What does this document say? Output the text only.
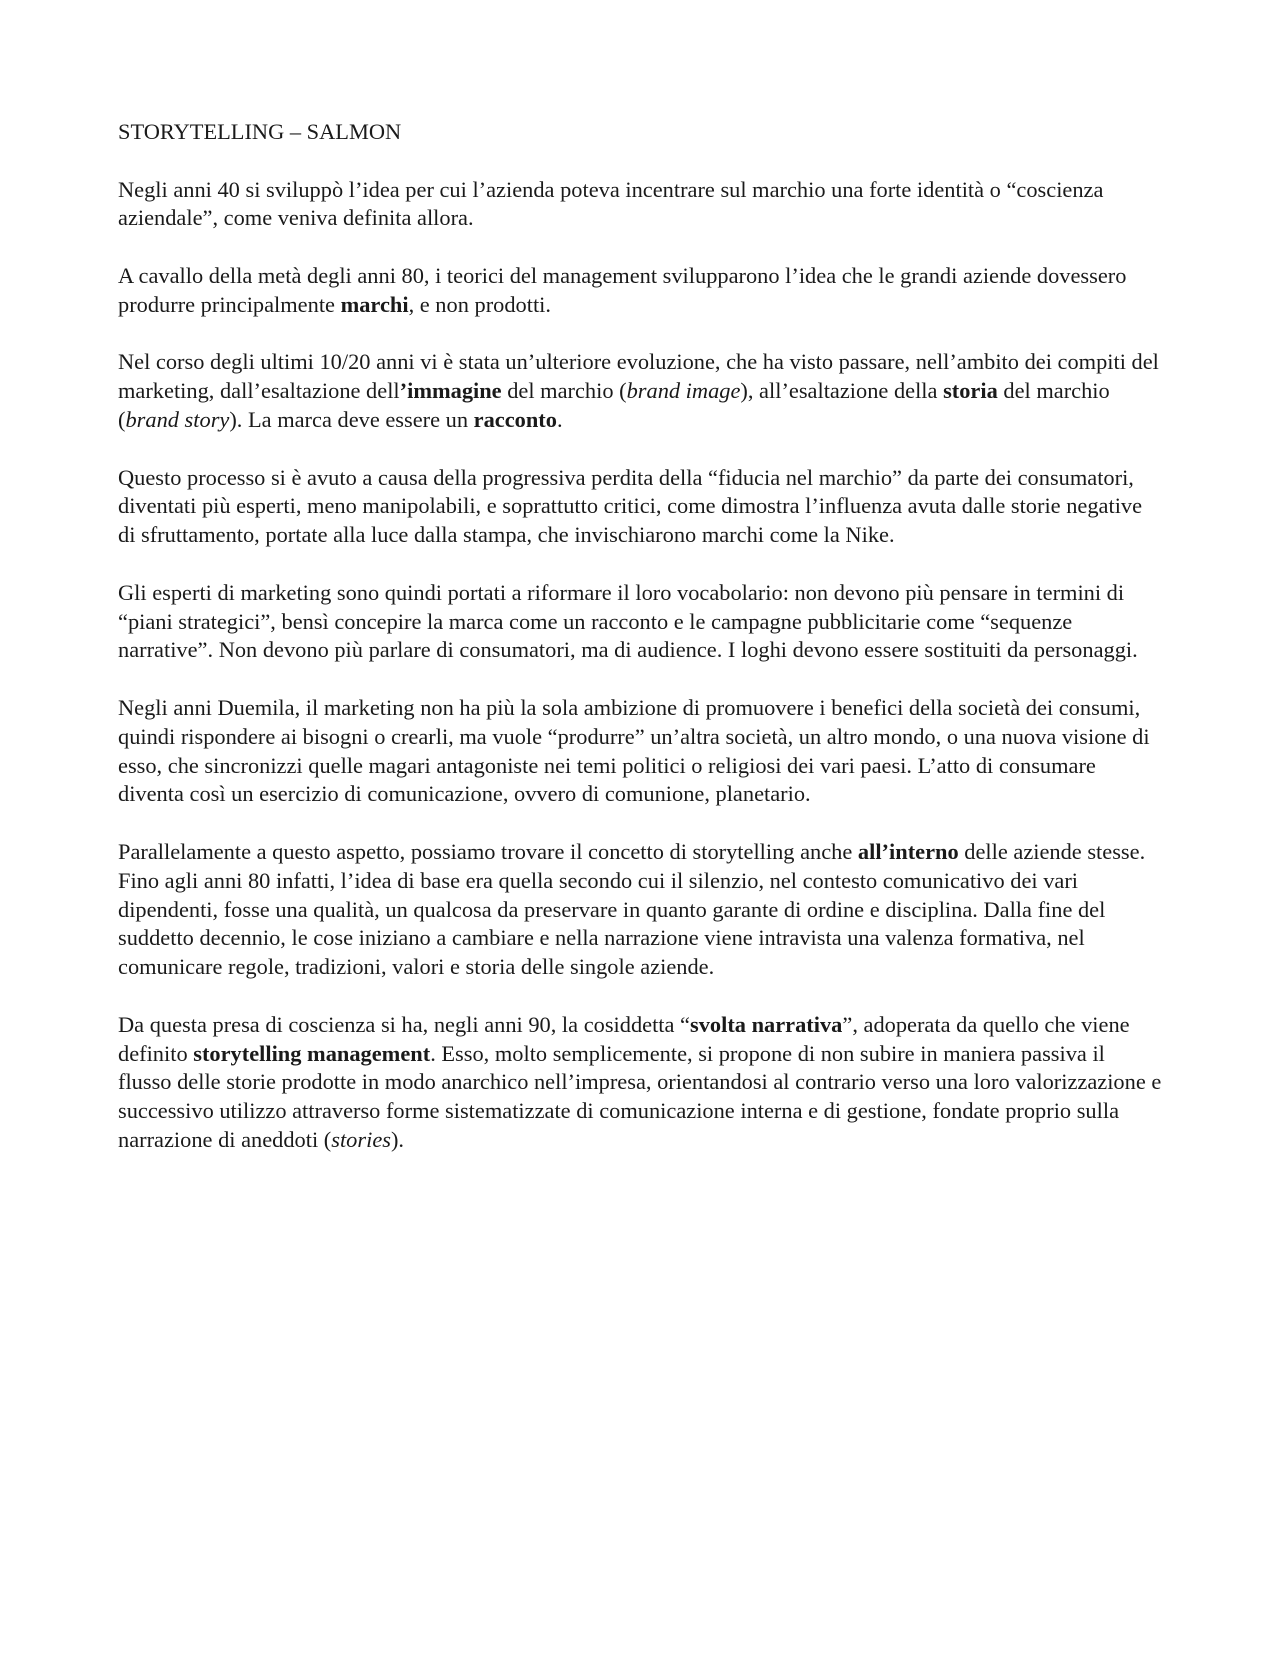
STORYTELLING – SALMON

Negli anni 40 si sviluppò l’idea per cui l’azienda poteva incentrare sul marchio una forte identità o “coscienza aziendale”, come veniva definita allora.

A cavallo della metà degli anni 80, i teorici del management svilupparono l’idea che le grandi aziende dovessero produrre principalmente marchi, e non prodotti.

Nel corso degli ultimi 10/20 anni vi è stata un’ulteriore evoluzione, che ha visto passare, nell’ambito dei compiti del marketing, dall’esaltazione dell’immagine del marchio (brand image), all’esaltazione della storia del marchio (brand story). La marca deve essere un racconto.

Questo processo si è avuto a causa della progressiva perdita della “fiducia nel marchio” da parte dei consumatori, diventati più esperti, meno manipolabili, e soprattutto critici, come dimostra l’influenza avuta dalle storie negative di sfruttamento, portate alla luce dalla stampa, che invischiarono marchi come la Nike.

Gli esperti di marketing sono quindi portati a riformare il loro vocabolario: non devono più pensare in termini di “piani strategici”, bensì concepire la marca come un racconto e le campagne pubblicitarie come “sequenze narrative”. Non devono più parlare di consumatori, ma di audience. I loghi devono essere sostituiti da personaggi.

Negli anni Duemila, il marketing non ha più la sola ambizione di promuovere i benefici della società dei consumi, quindi rispondere ai bisogni o crearli, ma vuole “produrre” un’altra società, un altro mondo, o una nuova visione di esso, che sincronizzi quelle magari antagoniste nei temi politici o religiosi dei vari paesi. L’atto di consumare diventa così un esercizio di comunicazione, ovvero di comunione, planetario.

Parallelamente a questo aspetto, possiamo trovare il concetto di storytelling anche all’interno delle aziende stesse. Fino agli anni 80 infatti, l’idea di base era quella secondo cui il silenzio, nel contesto comunicativo dei vari dipendenti, fosse una qualità, un qualcosa da preservare in quanto garante di ordine e disciplina. Dalla fine del suddetto decennio, le cose iniziano a cambiare e nella narrazione viene intravista una valenza formativa, nel comunicare regole, tradizioni, valori e storia delle singole aziende.

Da questa presa di coscienza si ha, negli anni 90, la cosiddetta “svolta narrativa”, adoperata da quello che viene definito storytelling management. Esso, molto semplicemente, si propone di non subire in maniera passiva il flusso delle storie prodotte in modo anarchico nell’impresa, orientandosi al contrario verso una loro valorizzazione e successivo utilizzo attraverso forme sistematizzate di comunicazione interna e di gestione, fondate proprio sulla narrazione di aneddoti (stories).
